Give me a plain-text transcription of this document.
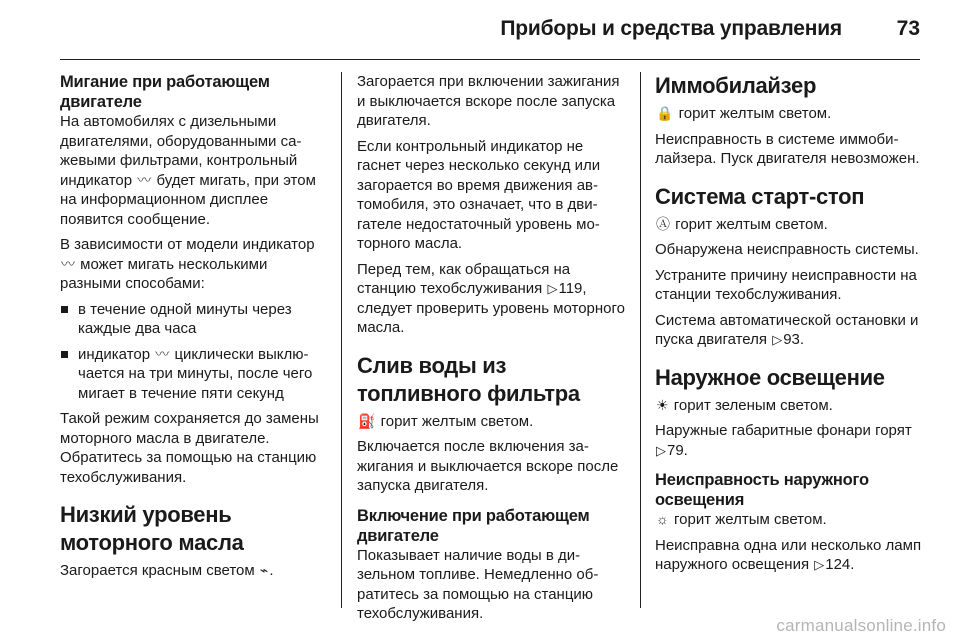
Приборы и средства управления	73
Мигание при работающем двигателе

На автомобилях с дизельными двигателями, оборудованными сажевыми фильтрами, контрольный индикатор 〰 будет мигать, при этом на информационном дисплее появится сообщение.

В зависимости от модели индикатор 〰 может мигать несколькими разными способами:

в течение одной минуты через каждые два часа
индикатор 〰 циклически выключается на три минуты, после чего мигает в течение пяти секунд

Такой режим сохраняется до замены моторного масла в двигателе. Обратитесь за помощью на станцию техобслуживания.

Низкий уровень моторного масла

Загорается красным светом ⌁.

Загорается при включении зажигания и выключается вскоре после запуска двигателя.

Если контрольный индикатор не гаснет через несколько секунд или загорается во время движения автомобиля, это означает, что в двигателе недостаточный уровень моторного масла.

Перед тем, как обращаться на станцию техобслуживания ▷119, следует проверить уровень моторного масла.

Слив воды из топливного фильтра

⛽ горит желтым светом.

Включается после включения зажигания и выключается вскоре после запуска двигателя.

Включение при работающем двигателе

Показывает наличие воды в дизельном топливе. Немедленно обратитесь за помощью на станцию техобслуживания.

Иммобилайзер

🔒 горит желтым светом.

Неисправность в системе иммобилайзера. Пуск двигателя невозможен.

Система старт-стоп

Ⓐ горит желтым светом.

Обнаружена неисправность системы.

Устраните причину неисправности на станции техобслуживания.

Система автоматической остановки и пуска двигателя ▷93.

Наружное освещение

☀ горит зеленым светом.

Наружные габаритные фонари горят ▷79.

Неисправность наружного освещения

☼ горит желтым светом.

Неисправна одна или несколько ламп наружного освещения ▷124.

carmanualsonline.info
